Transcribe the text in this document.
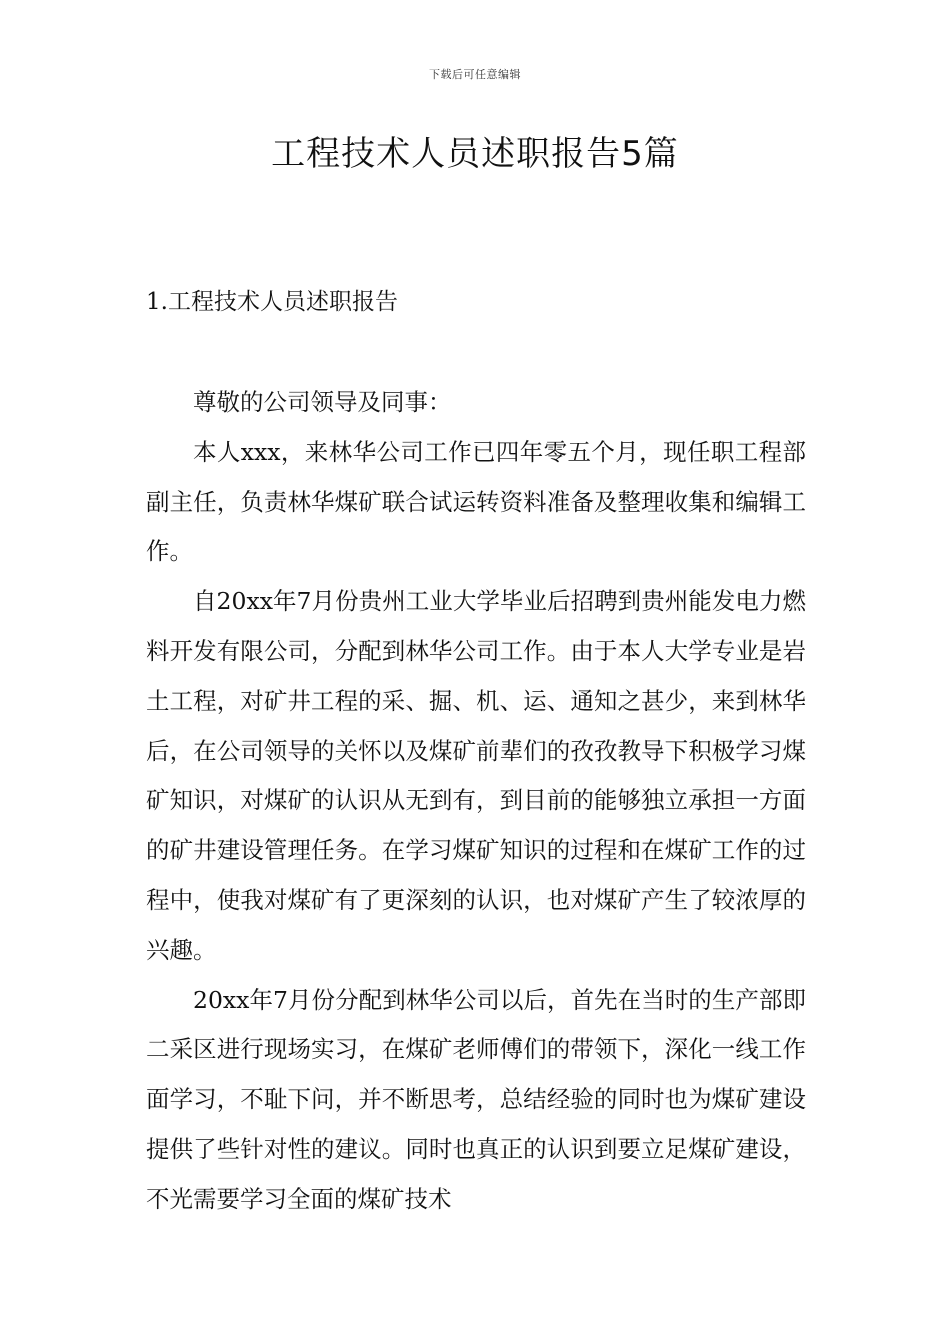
下载后可任意编辑
工程技术人员述职报告5篇
1.工程技术人员述职报告

尊敬的公司领导及同事：

本人xxx，来林华公司工作已四年零五个月，现任职工程部副主任，负责林华煤矿联合试运转资料准备及整理收集和编辑工作。

自20xx年7月份贵州工业大学毕业后招聘到贵州能发电力燃料开发有限公司，分配到林华公司工作。由于本人大学专业是岩土工程，对矿井工程的采、掘、机、运、通知之甚少，来到林华后，在公司领导的关怀以及煤矿前辈们的孜孜教导下积极学习煤矿知识，对煤矿的认识从无到有，到目前的能够独立承担一方面的矿井建设管理任务。在学习煤矿知识的过程和在煤矿工作的过程中，使我对煤矿有了更深刻的认识，也对煤矿产生了较浓厚的兴趣。

20xx年7月份分配到林华公司以后，首先在当时的生产部即二采区进行现场实习，在煤矿老师傅们的带领下，深化一线工作面学习，不耻下问，并不断思考，总结经验的同时也为煤矿建设提供了些针对性的建议。同时也真正的认识到要立足煤矿建设，不光需要学习全面的煤矿技术
